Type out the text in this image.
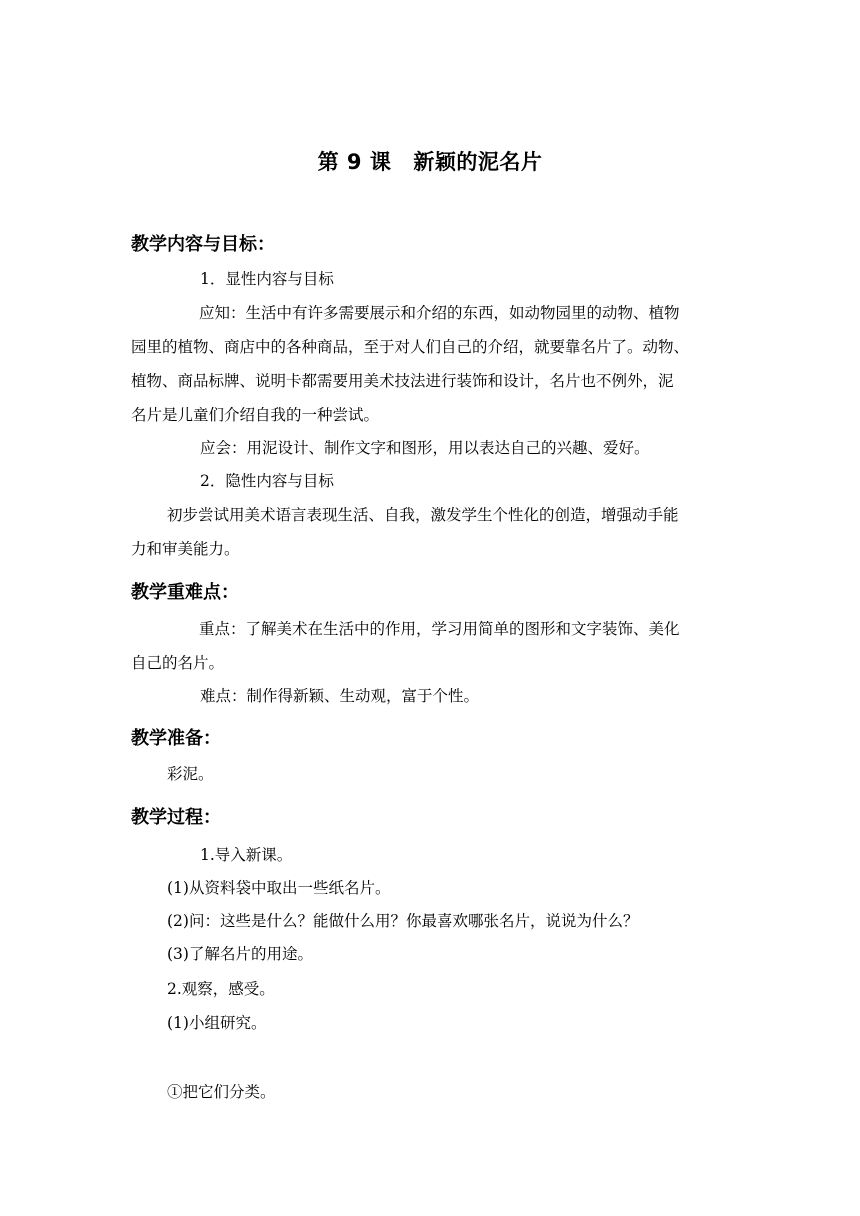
第 9 课 新颖的泥名片
教学内容与目标：
1．显性内容与目标
应知：生活中有许多需要展示和介绍的东西，如动物园里的动物、植物
园里的植物、商店中的各种商品，至于对人们自己的介绍，就要靠名片了。动物、
植物、商品标牌、说明卡都需要用美术技法进行装饰和设计，名片也不例外，泥
名片是儿童们介绍自我的一种尝试。
应会：用泥设计、制作文字和图形，用以表达自己的兴趣、爱好。
2．隐性内容与目标
初步尝试用美术语言表现生活、自我，激发学生个性化的创造，增强动手能
力和审美能力。
教学重难点：
重点：了解美术在生活中的作用，学习用简单的图形和文字装饰、美化
自己的名片。
难点：制作得新颖、生动观，富于个性。
教学准备：
彩泥。
教学过程：
1.导入新课。
(1)从资料袋中取出一些纸名片。
(2)问：这些是什么？能做什么用？你最喜欢哪张名片，说说为什么？
(3)了解名片的用途。
2.观察，感受。
(1)小组研究。
①把它们分类。
